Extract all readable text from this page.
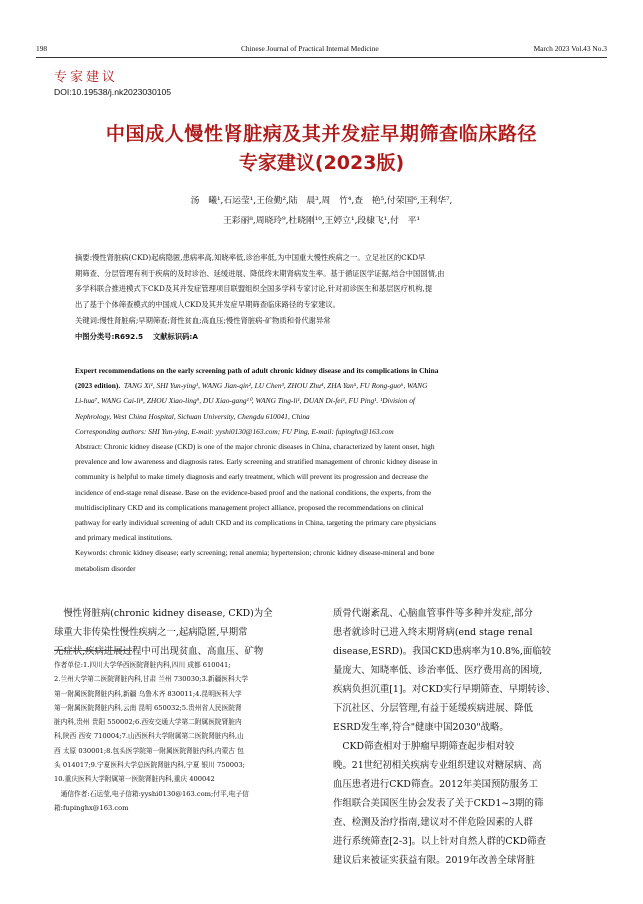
198	Chinese Journal of Practical Internal Medicine	March 2023 Vol.43 No.3
专家建议
DOI:10.19538/j.nk2023030105
中国成人慢性肾脏病及其并发症早期筛查临床路径
专家建议(2023版)
汤　曦¹,石运莹¹,王俭勤²,陆　晨³,周　竹⁴,查　艳⁵,付荣国⁶,王利华⁷,
王彩丽⁸,周晓玲⁹,杜晓刚¹⁰,王婷立¹,段棣飞¹,付　平¹
摘要:慢性肾脏病(CKD)起病隐匿,患病率高,知晓率低,诊治率低,为中国重大慢性疾病之一。立足社区的CKD早
期筛查、分层管理有利于疾病的及时诊治、延缓进展、降低终末期肾病发生率。基于循证医学证据,结合中国国情,由
多学科联合推进模式下CKD及其并发症管理项目联盟组织全国多学科专家讨论,针对初诊医生和基层医疗机构,提
出了基于个体筛查模式的中国成人CKD及其并发症早期筛查临床路径的专家建议。
关键词:慢性肾脏病;早期筛查;肾性贫血;高血压;慢性肾脏病-矿物质和骨代谢异常
中图分类号:R692.5　 文献标识码:A
Expert recommendations on the early screening path of adult chronic kidney disease and its complications in China
(2023 edition). TANG Xi¹, SHI Yun-ying¹, WANG Jian-qin², LU Chen³, ZHOU Zhu⁴, ZHA Yan⁵, FU Rong-guo⁶, WANG
Li-hua⁷, WANG Cai-li⁸, ZHOU Xiao-ling⁹, DU Xiao-gang¹⁰, WANG Ting-li¹, DUAN Di-fei¹, FU Ping¹. ¹Division of
Nephrology, West China Hospital, Sichuan University, Chengdu 610041, China
Corresponding authors: SHI Yun-ying, E-mail: yyshi0130@163.com; FU Ping, E-mail: fupinghx@163.com
Abstract: Chronic kidney disease (CKD) is one of the major chronic diseases in China, characterized by latent onset, high
prevalence and low awareness and diagnosis rates. Early screening and stratified management of chronic kidney disease in
community is helpful to make timely diagnosis and early treatment, which will prevent its progression and decrease the
incidence of end-stage renal disease. Base on the evidence-based proof and the national conditions, the experts, from the
multidisciplinary CKD and its complications management project alliance, proposed the recommendations on clinical
pathway for early individual screening of adult CKD and its complications in China, targeting the primary care physicians
and primary medical institutions.
Keywords: chronic kidney disease; early screening; renal anemia; hypertension; chronic kidney disease-mineral and bone
metabolism disorder
　慢性肾脏病(chronic kidney disease, CKD)为全
球重大非传染性慢性疾病之一,起病隐匿,早期常
无症状,疾病进展过程中可出现贫血、高血压、矿物
作者单位:1.四川大学华西医院肾脏内科,四川 成都 610041;
2.兰州大学第二医院肾脏内科,甘肃 兰州 730030;3.新疆医科大学
第一附属医院肾脏内科,新疆 乌鲁木齐 830011;4.昆明医科大学
第一附属医院肾脏内科,云南 昆明 650032;5.贵州省人民医院肾
脏内科,贵州 贵阳 550002;6.西安交通大学第二附属医院肾脏内
科,陕西 西安 710004;7.山西医科大学附属第二医院肾脏内科,山
西 太原 030001;8.包头医学院第一附属医院肾脏内科,内蒙古 包
头 014017;9.宁夏医科大学总医院肾脏内科,宁夏 银川 750003;
10.重庆医科大学附属第一医院肾脏内科,重庆 400042
　通信作者:石运莹,电子信箱:yyshi0130@163.com;付平,电子信
箱:fupinghx@163.com
质骨代谢紊乱、心脑血管事件等多种并发症,部分
患者就诊时已进入终末期肾病(end stage renal
disease,ESRD)。我国CKD患病率为10.8%,面临较
量庞大、知晓率低、诊治率低、医疗费用高的困境,
疾病负担沉重[1]。对CKD实行早期筛查、早期转诊、
下沉社区、分层管理,有益于延缓疾病进展、降低
ESRD发生率,符合"健康中国2030"战略。
　CKD筛查相对于肿瘤早期筛查起步相对较
晚。21世纪初相关疾病专业组织建议对糖尿病、高
血压患者进行CKD筛查。2012年美国预防服务工
作组联合美国医生协会发表了关于CKD1~3期的筛
查、检测及治疗指南,建议对不伴危险因素的人群
进行系统筛查[2-3]。以上针对自然人群的CKD筛查
建议后来被证实获益有限。2019年改善全球肾脏
